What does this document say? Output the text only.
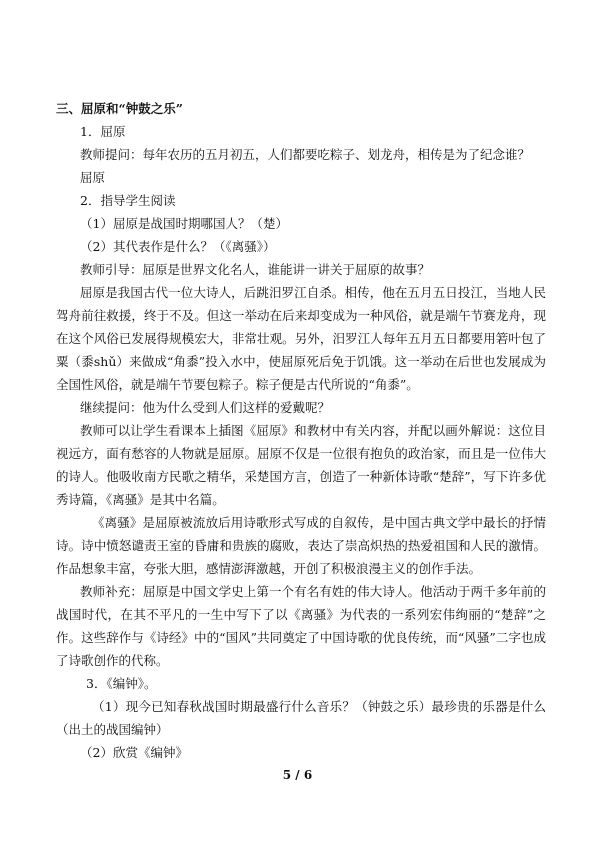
三、屈原和“钟鼓之乐”

1．屈原

教师提问：每年农历的五月初五，人们都要吃粽子、划龙舟，相传是为了纪念谁？

屈原

2．指导学生阅读

（1）屈原是战国时期哪国人？（楚）

（2）其代表作是什么？（《离骚》）

教师引导：屈原是世界文化名人，谁能讲一讲关于屈原的故事？

屈原是我国古代一位大诗人，后跳汨罗江自杀。相传，他在五月五日投江，当地人民驾舟前往救援，终于不及。但这一举动在后来却变成为一种风俗，就是端午节赛龙舟，现在这个风俗已发展得规模宏大，非常壮观。另外，汨罗江人每年五月五日都要用箬叶包了粟（黍shǔ）来做成“角黍”投入水中，使屈原死后免于饥饿。这一举动在后世也发展成为全国性风俗，就是端午节要包粽子。粽子便是古代所说的“角黍”。

继续提问：他为什么受到人们这样的爱戴呢？

教师可以让学生看课本上插图《屈原》和教材中有关内容，并配以画外解说：这位目视远方，面有愁容的人物就是屈原。屈原不仅是一位很有抱负的政治家，而且是一位伟大的诗人。他吸收南方民歌之精华，采楚国方言，创造了一种新体诗歌“楚辞”，写下许多优秀诗篇，《离骚》是其中名篇。

《离骚》是屈原被流放后用诗歌形式写成的自叙传，是中国古典文学中最长的抒情诗。诗中愤怒谴责王室的昏庸和贵族的腐败，表达了崇高炽热的热爱祖国和人民的激情。作品想象丰富，夸张大胆，感情澎湃激越，开创了积极浪漫主义的创作手法。

教师补充：屈原是中国文学史上第一个有名有姓的伟大诗人。他活动于两千多年前的战国时代，在其不平凡的一生中写下了以《离骚》为代表的一系列宏伟绚丽的“楚辞”之作。这些辞作与《诗经》中的“国风”共同奠定了中国诗歌的优良传统，而“风骚”二字也成了诗歌创作的代称。

3．《编钟》。

（1）现今已知春秋战国时期最盛行什么音乐？（钟鼓之乐）最珍贵的乐器是什么（出土的战国编钟）

（2）欣赏《编钟》

5 / 6
